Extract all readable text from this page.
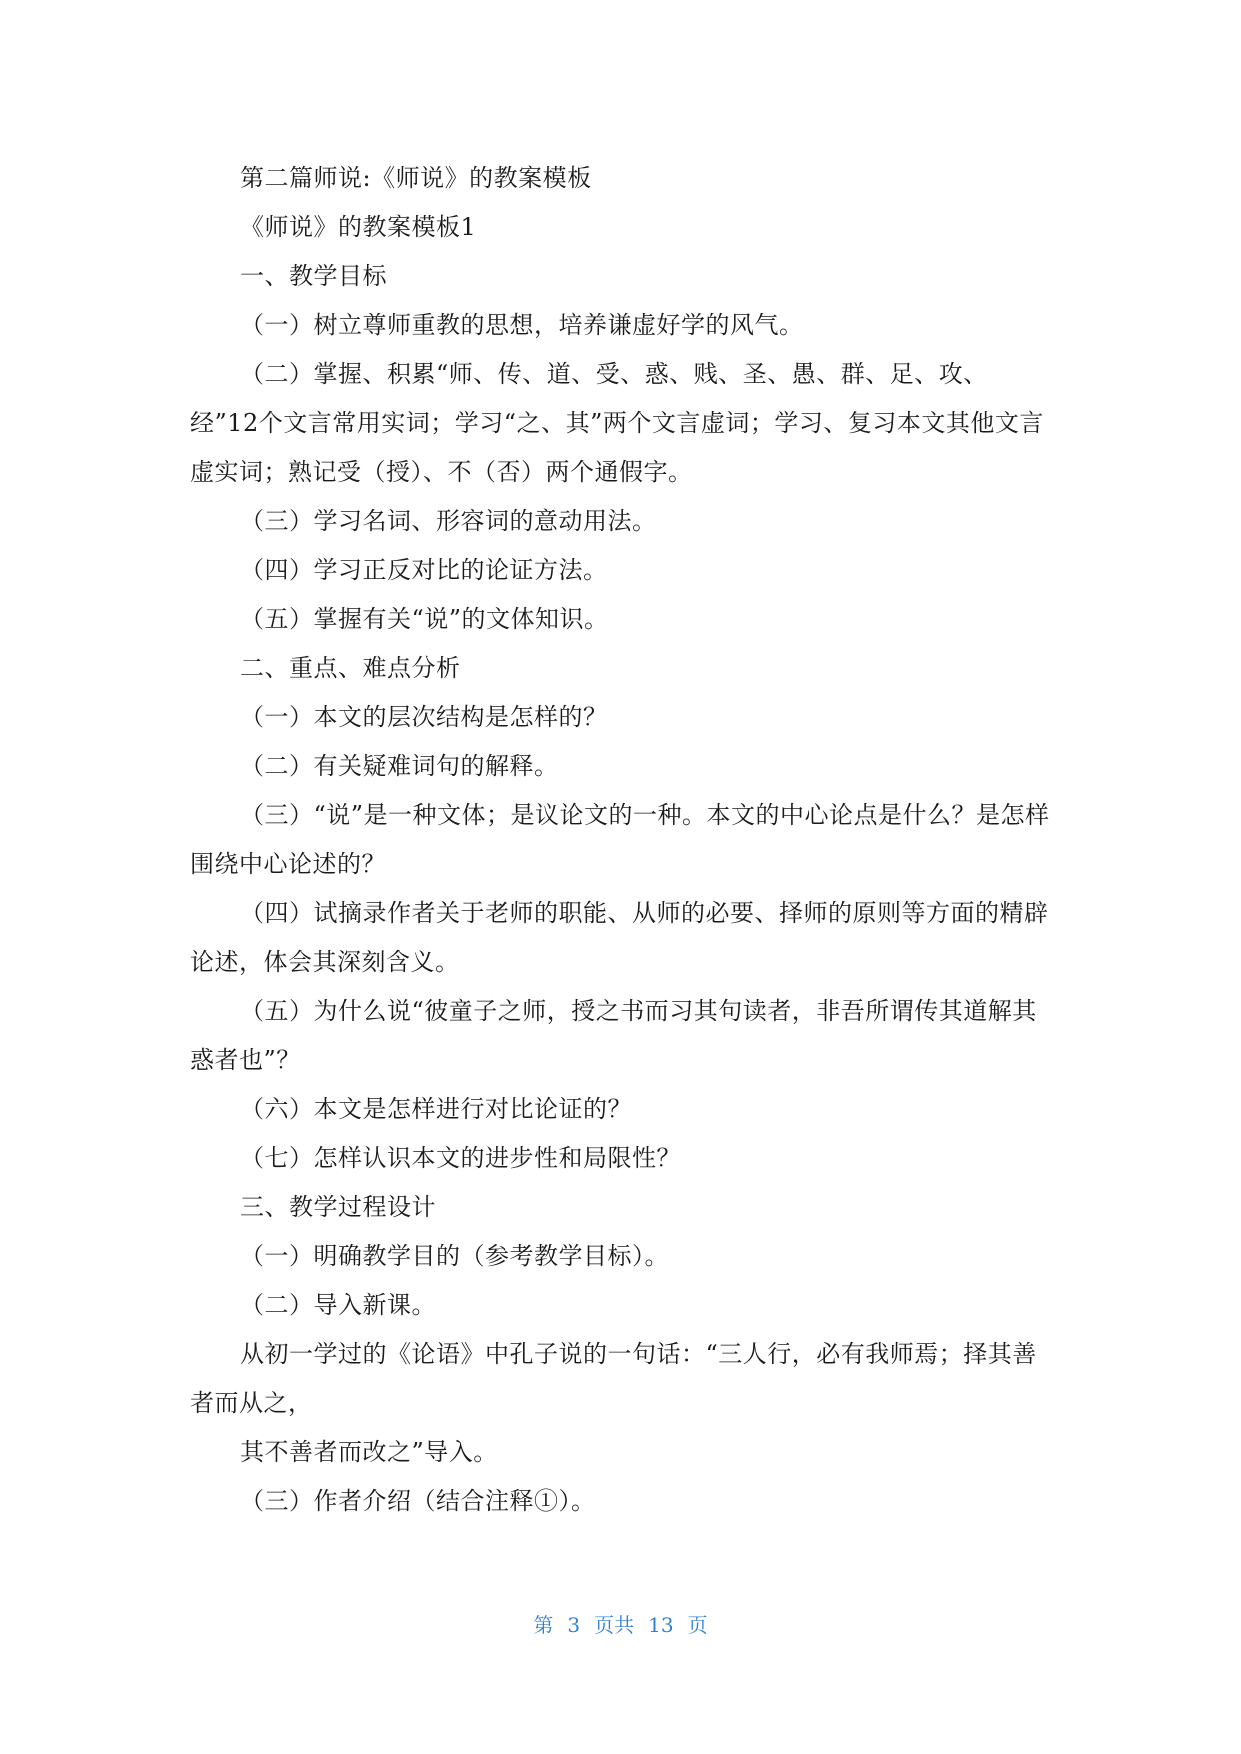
第二篇师说:《师说》的教案模板

《师说》的教案模板1

一、教学目标

（一）树立尊师重教的思想，培养谦虚好学的风气。

（二）掌握、积累“师、传、道、受、惑、贱、圣、愚、群、足、攻、经”12个文言常用实词；学习“之、其”两个文言虚词；学习、复习本文其他文言虚实词；熟记受（授）、不（否）两个通假字。

（三）学习名词、形容词的意动用法。

（四）学习正反对比的论证方法。

（五）掌握有关“说”的文体知识。

二、重点、难点分析

（一）本文的层次结构是怎样的？

（二）有关疑难词句的解释。

（三）“说”是一种文体；是议论文的一种。本文的中心论点是什么？是怎样围绕中心论述的？

（四）试摘录作者关于老师的职能、从师的必要、择师的原则等方面的精辟论述，体会其深刻含义。

（五）为什么说“彼童子之师，授之书而习其句读者，非吾所谓传其道解其惑者也”？

（六）本文是怎样进行对比论证的？

（七）怎样认识本文的进步性和局限性？

三、教学过程设计

（一）明确教学目的（参考教学目标）。

（二）导入新课。

从初一学过的《论语》中孔子说的一句话：“三人行，必有我师焉；择其善者而从之，

其不善者而改之”导入。

（三）作者介绍（结合注释①）。

第 3 页共 13 页
